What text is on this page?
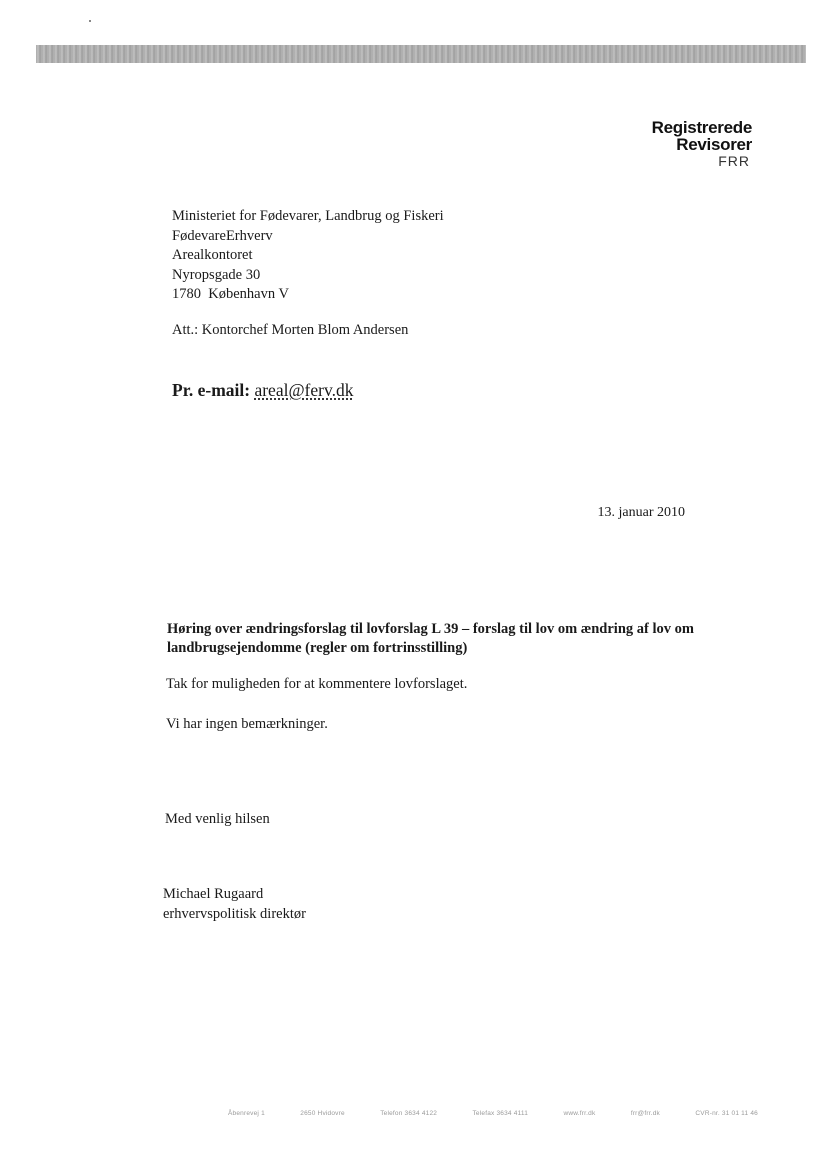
Registrerede
Revisorer
FRR
Ministeriet for Fødevarer, Landbrug og Fiskeri
FødevareErhverv
Arealkontoret
Nyropsgade 30
1780  København V
Att.: Kontorchef Morten Blom Andersen
Pr. e-mail: areal@ferv.dk
13. januar 2010
Høring over ændringsforslag til lovforslag L 39 – forslag til lov om ændring af lov om landbrugsejendomme (regler om fortrinsstilling)
Tak for muligheden for at kommentere lovforslaget.
Vi har ingen bemærkninger.
Med venlig hilsen
Michael Rugaard
erhvervspolitisk direktør
Åbenrevej 1	2650 Hvidovre	Telefon 3634 4122	Telefax 3634 4111	www.frr.dk	frr@frr.dk	CVR-nr. 31 01 11 46
